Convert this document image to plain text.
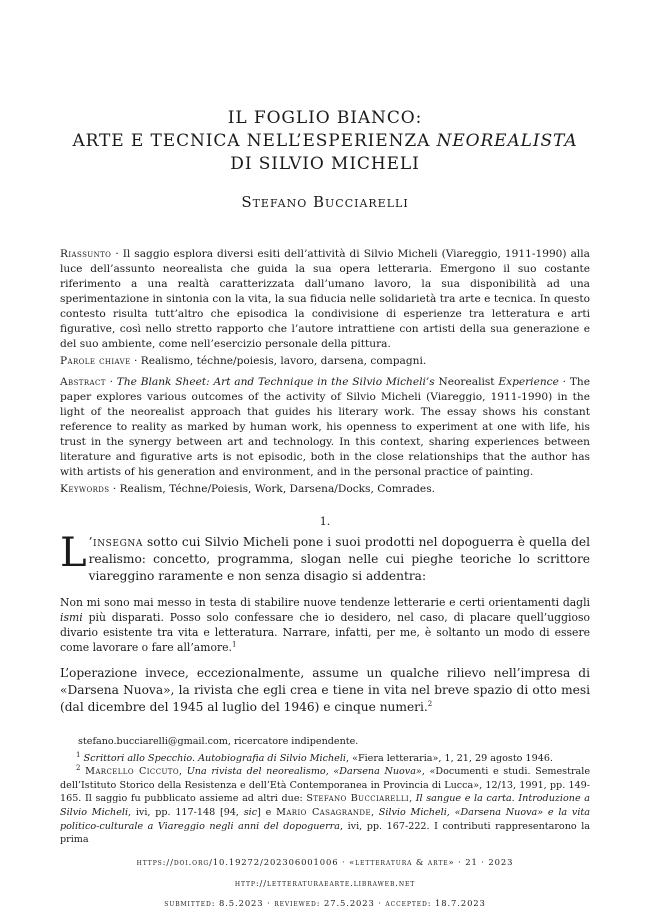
IL FOGLIO BIANCO:
ARTE E TECNICA NELL’ESPERIENZA NEOREALISTA
DI SILVIO MICHELI
Stefano Bucciarelli

Riassunto · Il saggio esplora diversi esiti dell’attività di Silvio Micheli (Viareggio, 1911-1990) alla luce dell’assunto neorealista che guida la sua opera letteraria. Emergono il suo costante riferimento a una realtà caratterizzata dall’umano lavoro, la sua disponibilità ad una sperimentazione in sintonia con la vita, la sua fiducia nelle solidarietà tra arte e tecnica. In questo contesto risulta tutt’altro che episodica la condivisione di esperienze tra letteratura e arti figurative, così nello stretto rapporto che l’autore intrattiene con artisti della sua generazione e del suo ambiente, come nell’esercizio personale della pittura.

Parole chiave · Realismo, téchne/poiesis, lavoro, darsena, compagni.

Abstract · The Blank Sheet: Art and Technique in the Silvio Micheli’s Neorealist Experience · The paper explores various outcomes of the activity of Silvio Micheli (Viareggio, 1911-1990) in the light of the neorealist approach that guides his literary work. The essay shows his constant reference to reality as marked by human work, his openness to experiment at one with life, his trust in the synergy between art and technology. In this context, sharing experiences between literature and figurative arts is not episodic, both in the close relationships that the author has with artists of his generation and environment, and in the personal practice of painting.

Keywords · Realism, Téchne/Poiesis, Work, Darsena/Docks, Comrades.

1.

L ’insegna sotto cui Silvio Micheli pone i suoi prodotti nel dopoguerra è quella del realismo: concetto, programma, slogan nelle cui pieghe teoriche lo scrittore viareggino raramente e non senza disagio si addentra:

Non mi sono mai messo in testa di stabilire nuove tendenze letterarie e certi orientamenti dagli ismi più disparati. Posso solo confessare che io desidero, nel caso, di placare quell’uggioso divario esistente tra vita e letteratura. Narrare, infatti, per me, è soltanto un modo di essere come lavorare o fare all’amore.$^1$

L’operazione invece, eccezionalmente, assume un qualche rilievo nell’impresa di «Darsena Nuova», la rivista che egli crea e tiene in vita nel breve spazio di otto mesi (dal dicembre del 1945 al luglio del 1946) e cinque numeri.$^2$

stefano.bucciarelli@gmail.com, ricercatore indipendente.

$^1$ Scrittori allo Specchio. Autobiografia di Silvio Micheli, «Fiera letteraria», 1, 21, 29 agosto 1946.

$^2$ Marcello Ciccuto, Una rivista del neorealismo, «Darsena Nuova», «Documenti e studi. Semestrale dell’Istituto Storico della Resistenza e dell’Età Contemporanea in Provincia di Lucca», 12/13, 1991, pp. 149-165. Il saggio fu pubblicato assieme ad altri due: Stefano Bucciarelli, Il sangue e la carta. Introduzione a Silvio Micheli, ivi, pp. 117-148 [94, sic] e Mario Casagrande, Silvio Micheli, «Darsena Nuova» e la vita politico-culturale a Viareggio negli anni del dopoguerra, ivi, pp. 167-222. I contributi rappresentarono la prima

https://doi.org/10.19272/202306001006 · «letteratura & arte» · 21 · 2023
http://letteraturaearte.libraweb.net
submitted: 8.5.2023 · reviewed: 27.5.2023 · accepted: 18.7.2023
